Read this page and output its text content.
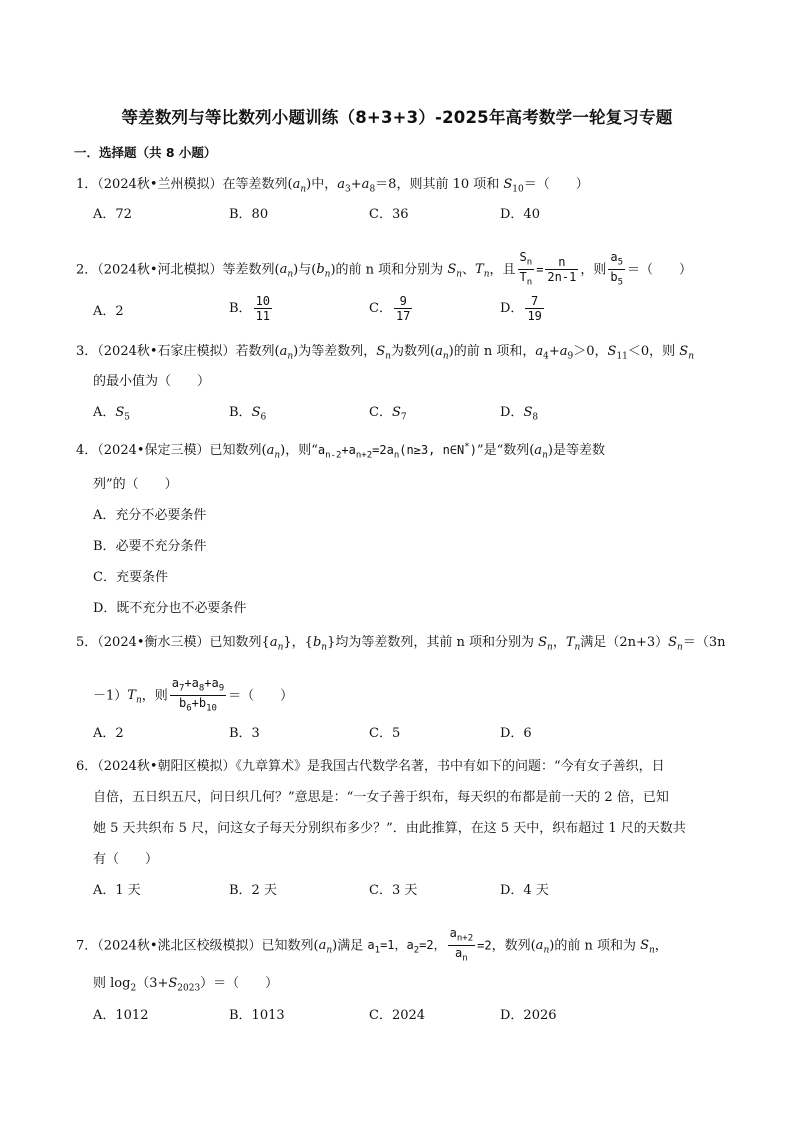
等差数列与等比数列小题训练（8+3+3）-2025年高考数学一轮复习专题
一．选择题（共 8 小题）
1．（2024秋•兰州模拟）在等差数列$(a_n)$中，$a_3+a_8=8$，则其前 10 项和 $S_{10}=$（　　）
A．72	B．80	C．36	D．40
2．（2024秋•河北模拟）等差数列$(a_n)$与$(b_n)$的前 n 项和分别为 $S_n$、$T_n$，且 $\frac{S_n}{T_n} = \frac{n}{2n-1}$ ，则 $\frac{a_5}{b_5}$ ＝（　　）
A．2	B． $\frac{10}{11}$	C． $\frac{9}{17}$	D． $\frac{7}{19}$
3．（2024秋•石家庄模拟）若数列$(a_n)$为等差数列，$S_n$为数列$(a_n)$的前 n 项和，$a_4+a_9>0$，$S_{11}<0$，则 $S_n$
的最小值为（　　）
A．$S_5$	B．$S_6$	C．$S_7$	D．$S_8$
4．（2024•保定三模）已知数列$(a_n)$，则“$a_{n-2}+a_{n+2}=2a_n(n\ge 3$, n∈N*)”是“数列$(a_n)$是等差数
列”的（　　）
A．充分不必要条件
B．必要不充分条件
C．充要条件
D．既不充分也不必要条件
5．（2024•衡水三模）已知数列$\{a_n\}$，$\{b_n\}$均为等差数列，其前 n 项和分别为 $S_n$，$T_n$满足$(2n+3)S_n=(3n$
$-1)T_n$，则 $\frac{a_7+a_8+a_9}{b_6+b_{10}}$ ＝（　　）
A．2	B．3	C．5	D．6
6．（2024秋•朝阳区模拟）《九章算术》是我国古代数学名著，书中有如下的问题：“今有女子善织，日
自倍，五日织五尺，问日织几何？”意思是：“一女子善于织布，每天织的布都是前一天的 2 倍，已知
她 5 天共织布 5 尺，问这女子每天分别织布多少？”．由此推算，在这 5 天中，织布超过 1 尺的天数共
有（　　）
A．1 天	B．2 天	C．3 天	D．4 天
7．（2024秋•洮北区校级模拟）已知数列$(a_n)$满足 $a_1=1$，$a_2=2$， $\frac{a_{n+2}}{a_n} =2$，数列$(a_n)$的前 n 项和为 $S_n$，
则 $\log_2(3+S_{2023})=$（　　）
A．1012	B．1013	C．2024	D．2026
